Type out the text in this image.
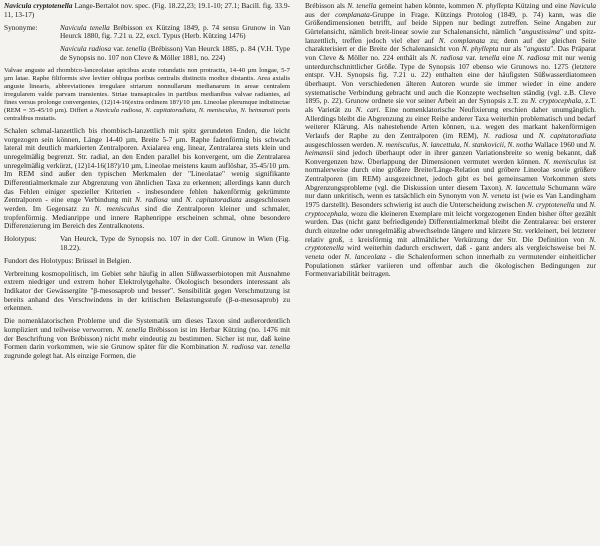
Navicula cryptotenella Lange-Bertalot nov. spec. (Fig. 18.22,23; 19.1-10; 27.1; Bacill. fig. 33.9-11, 13-17)

Synonyme:	Navicula tenella Brébisson ex Kützing 1849, p. 74 sensu Grunow in Van Heurck 1880, fig. 7.21 u. 22, excl. Typus (Herb. Kützing 1476)

Navicula radiosa var. tenella (Brébisson) Van Heurck 1885, p. 84 (V.H. Type de Synopsis no. 107 non Cleve & Möller 1881, no. 224)

Valvae anguste ad rhombico-lanceolatae apicibus acute rotundatis non protractis, 14-40 µm longae, 5-7 µm latae. Raphe filiformis sive leviter obliqua poribus centralis distinctis modice distantis. Area axialis anguste linearis, abbreviationes irregulare striarum nonnullarum medianarum in areae centralem irregularem valde parvam transientes. Striae transapicales in partibus medianibus valvae radiantes, ad fines versus prolonge convergentes, (12)14-16(extra ordinem 18?)/10 µm. Lineolae plerumque indistinctae (REM = 35-45/10 µm). Differt a Navicula radiosa, N. capitatoradiata, N. menisculus, N. heimansii poris centralibus mutatis.

Schalen schmal-lanzettlich bis rhombisch-lanzettlich mit spitz gerundeten Enden, die leicht vorgezogen sein können, Länge 14-40 µm, Breite 5-7 µm. Raphe fadenförmig bis schwach lateral mit deutlich markierten Zentralporen. Axialarea eng, linear, Zentralarea stets klein und unregelmäßig begrenzt. Str. radial, an den Enden parallel bis konvergent, um die Zentralarea unregelmäßig verkürzt, (12)14-16(18?)/10 µm, Lineolae meistens kaum auflösbar, 35-45/10 µm. Im REM sind außer den typischen Merkmalen der "Lineolatae" wenig signifikante Differentialmerkmale zur Abgrenzung von ähnlichen Taxa zu erkennen; allerdings kann durch das Fehlen einiger spezieller Kriterien - insbesondere fehlen hakenförmig gekrümmte Zentralporen - eine enge Verbindung mit N. radiosa und N. capitatoradiata ausgeschlossen werden. Im Gegensatz zu N. menisculus sind die Zentralporen kleiner und schmaler, tropfenförmig. Medianrippe und innere Raphenrippe erscheinen schmal, ohne besondere Differenzierung im Bereich des Zentralknotens.

Holotypus:	Van Heurck, Type de Synopsis no. 107 in der Coll. Grunow in Wien (Fig. 18.22).

Fundort des Holotypus: Brüssel in Belgien.

Verbreitung kosmopolitisch, im Gebiet sehr häufig in allen Süßwasserbiotopen mit Ausnahme extrem niedriger und extrem hoher Elektrolytgehalte. Ökologisch besonders interessant als Indikator der Gewässergüte "β-mesosaprob und besser". Sensibilität gegen Verschmutzung ist bereits anhand des Verschwindens in der kritischen Belastungsstufe (β-α-mesosaprob) zu erkennen.

Die nomenklatorischen Probleme und die Systematik um dieses Taxon sind außerordentlich kompliziert und teilweise verworren. N. tenella Brébisson ist im Herbar Kützing (no. 1476 mit der Beschriftung von Brébisson) nicht mehr eindeutig zu bestimmen. Sicher ist nur, daß keine Formen darin vorkommen, wie sie Grunow später für die Kombination N. radiosa var. tenella zugrunde gelegt hat. Als einzige Formen, die

Brébisson als N. tenella gemeint haben könnte, kommen N. phyllepta Kützing und eine Navicula aus der complanata-Gruppe in Frage. Kützings Protolog (1849, p. 74) kann, was die Größendimensionen betrifft, auf beide Sippen nur bedingt zutreffen. Seine Angaben zur Gürtelansicht, nämlich breit-linear sowie zur Schalenansicht, nämlich "angustissima" und spitz-lanzettlich, treffen jedoch viel eher auf N. complanata zu; denn auf der gleichen Seite charakterisiert er die Breite der Schalenansicht von N. phyllepta nur als "angusta". Das Präparat von Cleve & Möller no. 224 enthält als N. radiosa var. tenella eine N. radiosa mit nur wenig unterdurchschnittlicher Größe. Type de Synopsis 107 ebenso wie Grunows no. 1275 (letztere entspr. V.H. Synopsis fig. 7.21 u. 22) enthalten eine der häufigsten Süßwasserdiatomeen überhaupt. Von verschiedenen älteren Autoren wurde sie immer wieder in eine andere systematische Verbindung gebracht und auch die Konzepte wechselten ständig (vgl. z.B. Cleve 1895, p. 22). Grunow ordnete sie vor seiner Arbeit an der Synopsis z.T. zu N. cryptocephala, z.T. als Varietät zu N. cari. Eine nomenklatorische Neufixierung erschien daher unumgänglich. Allerdings bleibt die Abgrenzung zu einer Reihe anderer Taxa weiterhin problematisch und bedarf weiterer Klärung. Als nahestehende Arten können, u.a. wegen des markant hakenförmigen Verlaufs der Raphe zu den Zentralporen (im REM), N. radiosa und N. capitatoradiata ausgeschlossen werden. N. menisculus, N. lancettula, N. stankovicii, N. notha Wallace 1960 und N. heimansii sind jedoch überhaupt oder in ihrer ganzen Variationsbreite so wenig bekannt, daß Konvergenzen bzw. Überlappung der Dimensionen vermutet werden können. N. menisculus ist normalerweise durch eine größere Breite/Länge-Relation und gröbere Lineolae sowie größere Zentralporen (im REM) ausgezeichnet, jedoch gibt es bei gemeinsamen Vorkommen stets Abgrenzungsprobleme (vgl. die Diskussion unter diesem Taxon). N. lancettula Schumann wäre nur dann unkritisch, wenn es tatsächlich ein Synonym von N. veneta ist (wie es Van Landingham 1975 darstellt). Besonders schwierig ist auch die Unterscheidung zwischen N. cryptotenella und N. cryptocephala, wozu die kleineren Exemplare mit leicht vorgezogenen Enden bisher öfter gezählt wurden. Das (nicht ganz befriedigende) Differentialmerkmal bleibt die Zentralarea: bei ersterer durch einzelne oder unregelmäßig abwechselnde längere und kürzere Str. verkleinert, bei letzterer relativ groß, ± kreisförmig mit allmählicher Verkürzung der Str. Die Definition von N. cryptotenella wird weiterhin dadurch erschwert, daß - ganz anders als vergleichsweise bei N. veneta oder N. lanceolata - die Schalenformen schon innerhalb zu vermutender einheitlicher Populationen stärker variieren und offenbar auch die ökologischen Bedingungen zur Formenvariabilität beitragen.
